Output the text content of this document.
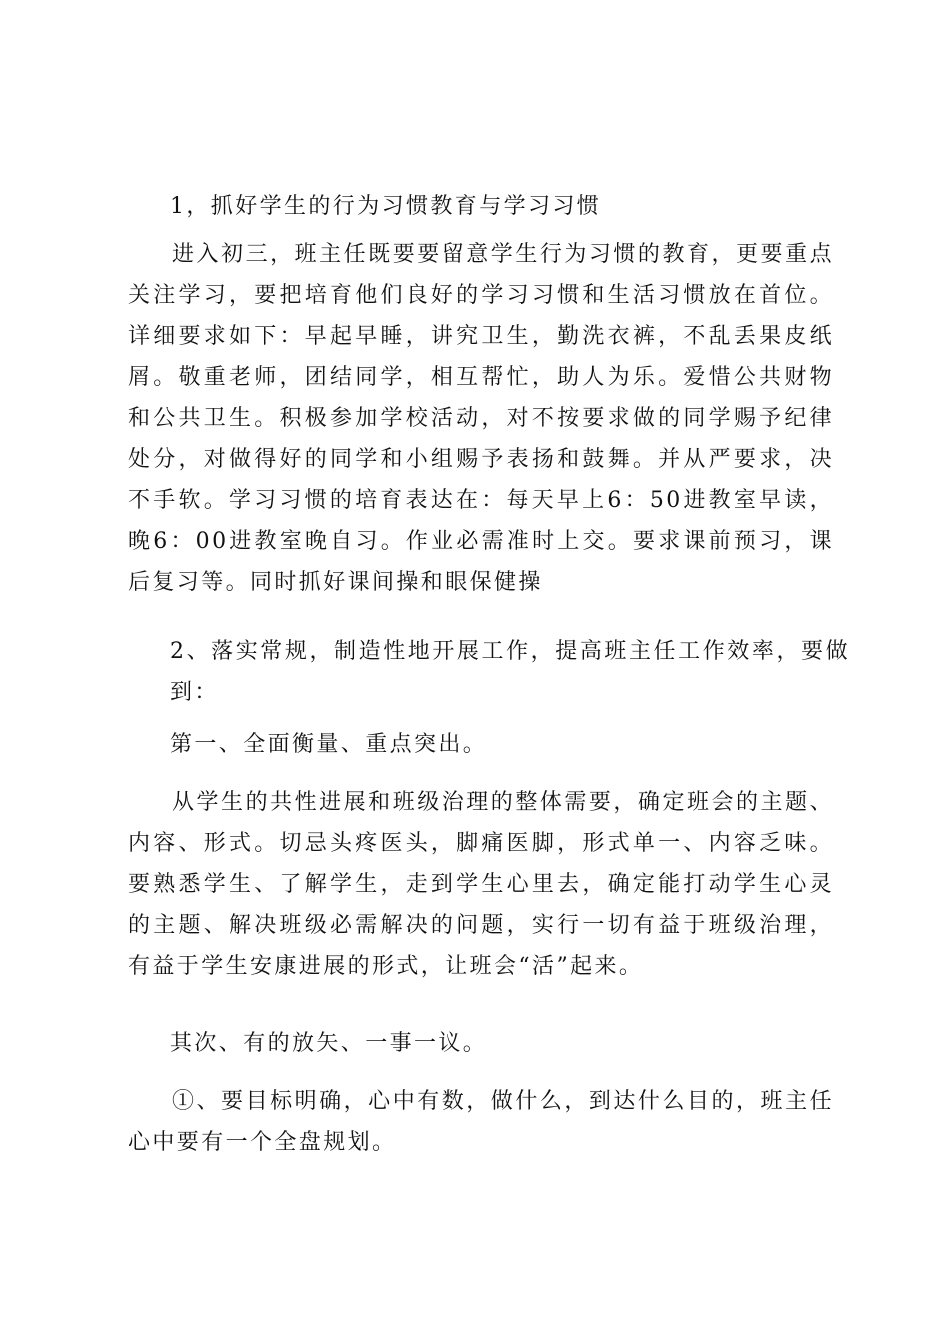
1，抓好学生的行为习惯教育与学习习惯

进入初三，班主任既要要留意学生行为习惯的教育，更要重点关注学习，要把培育他们良好的学习习惯和生活习惯放在首位。详细要求如下：早起早睡，讲究卫生，勤洗衣裤，不乱丢果皮纸屑。敬重老师，团结同学，相互帮忙，助人为乐。爱惜公共财物和公共卫生。积极参加学校活动，对不按要求做的同学赐予纪律处分，对做得好的同学和小组赐予表扬和鼓舞。并从严要求，决不手软。学习习惯的培育表达在：每天早上6：50进教室早读，晚6：00进教室晚自习。作业必需准时上交。要求课前预习，课后复习等。同时抓好课间操和眼保健操

2、落实常规，制造性地开展工作，提高班主任工作效率，要做到：

第一、全面衡量、重点突出。

从学生的共性进展和班级治理的整体需要，确定班会的主题、内容、形式。切忌头疼医头，脚痛医脚，形式单一、内容乏味。要熟悉学生、了解学生，走到学生心里去，确定能打动学生心灵的主题、解决班级必需解决的问题，实行一切有益于班级治理，有益于学生安康进展的形式，让班会“活”起来。

其次、有的放矢、一事一议。

①、要目标明确，心中有数，做什么，到达什么目的，班主任心中要有一个全盘规划。
